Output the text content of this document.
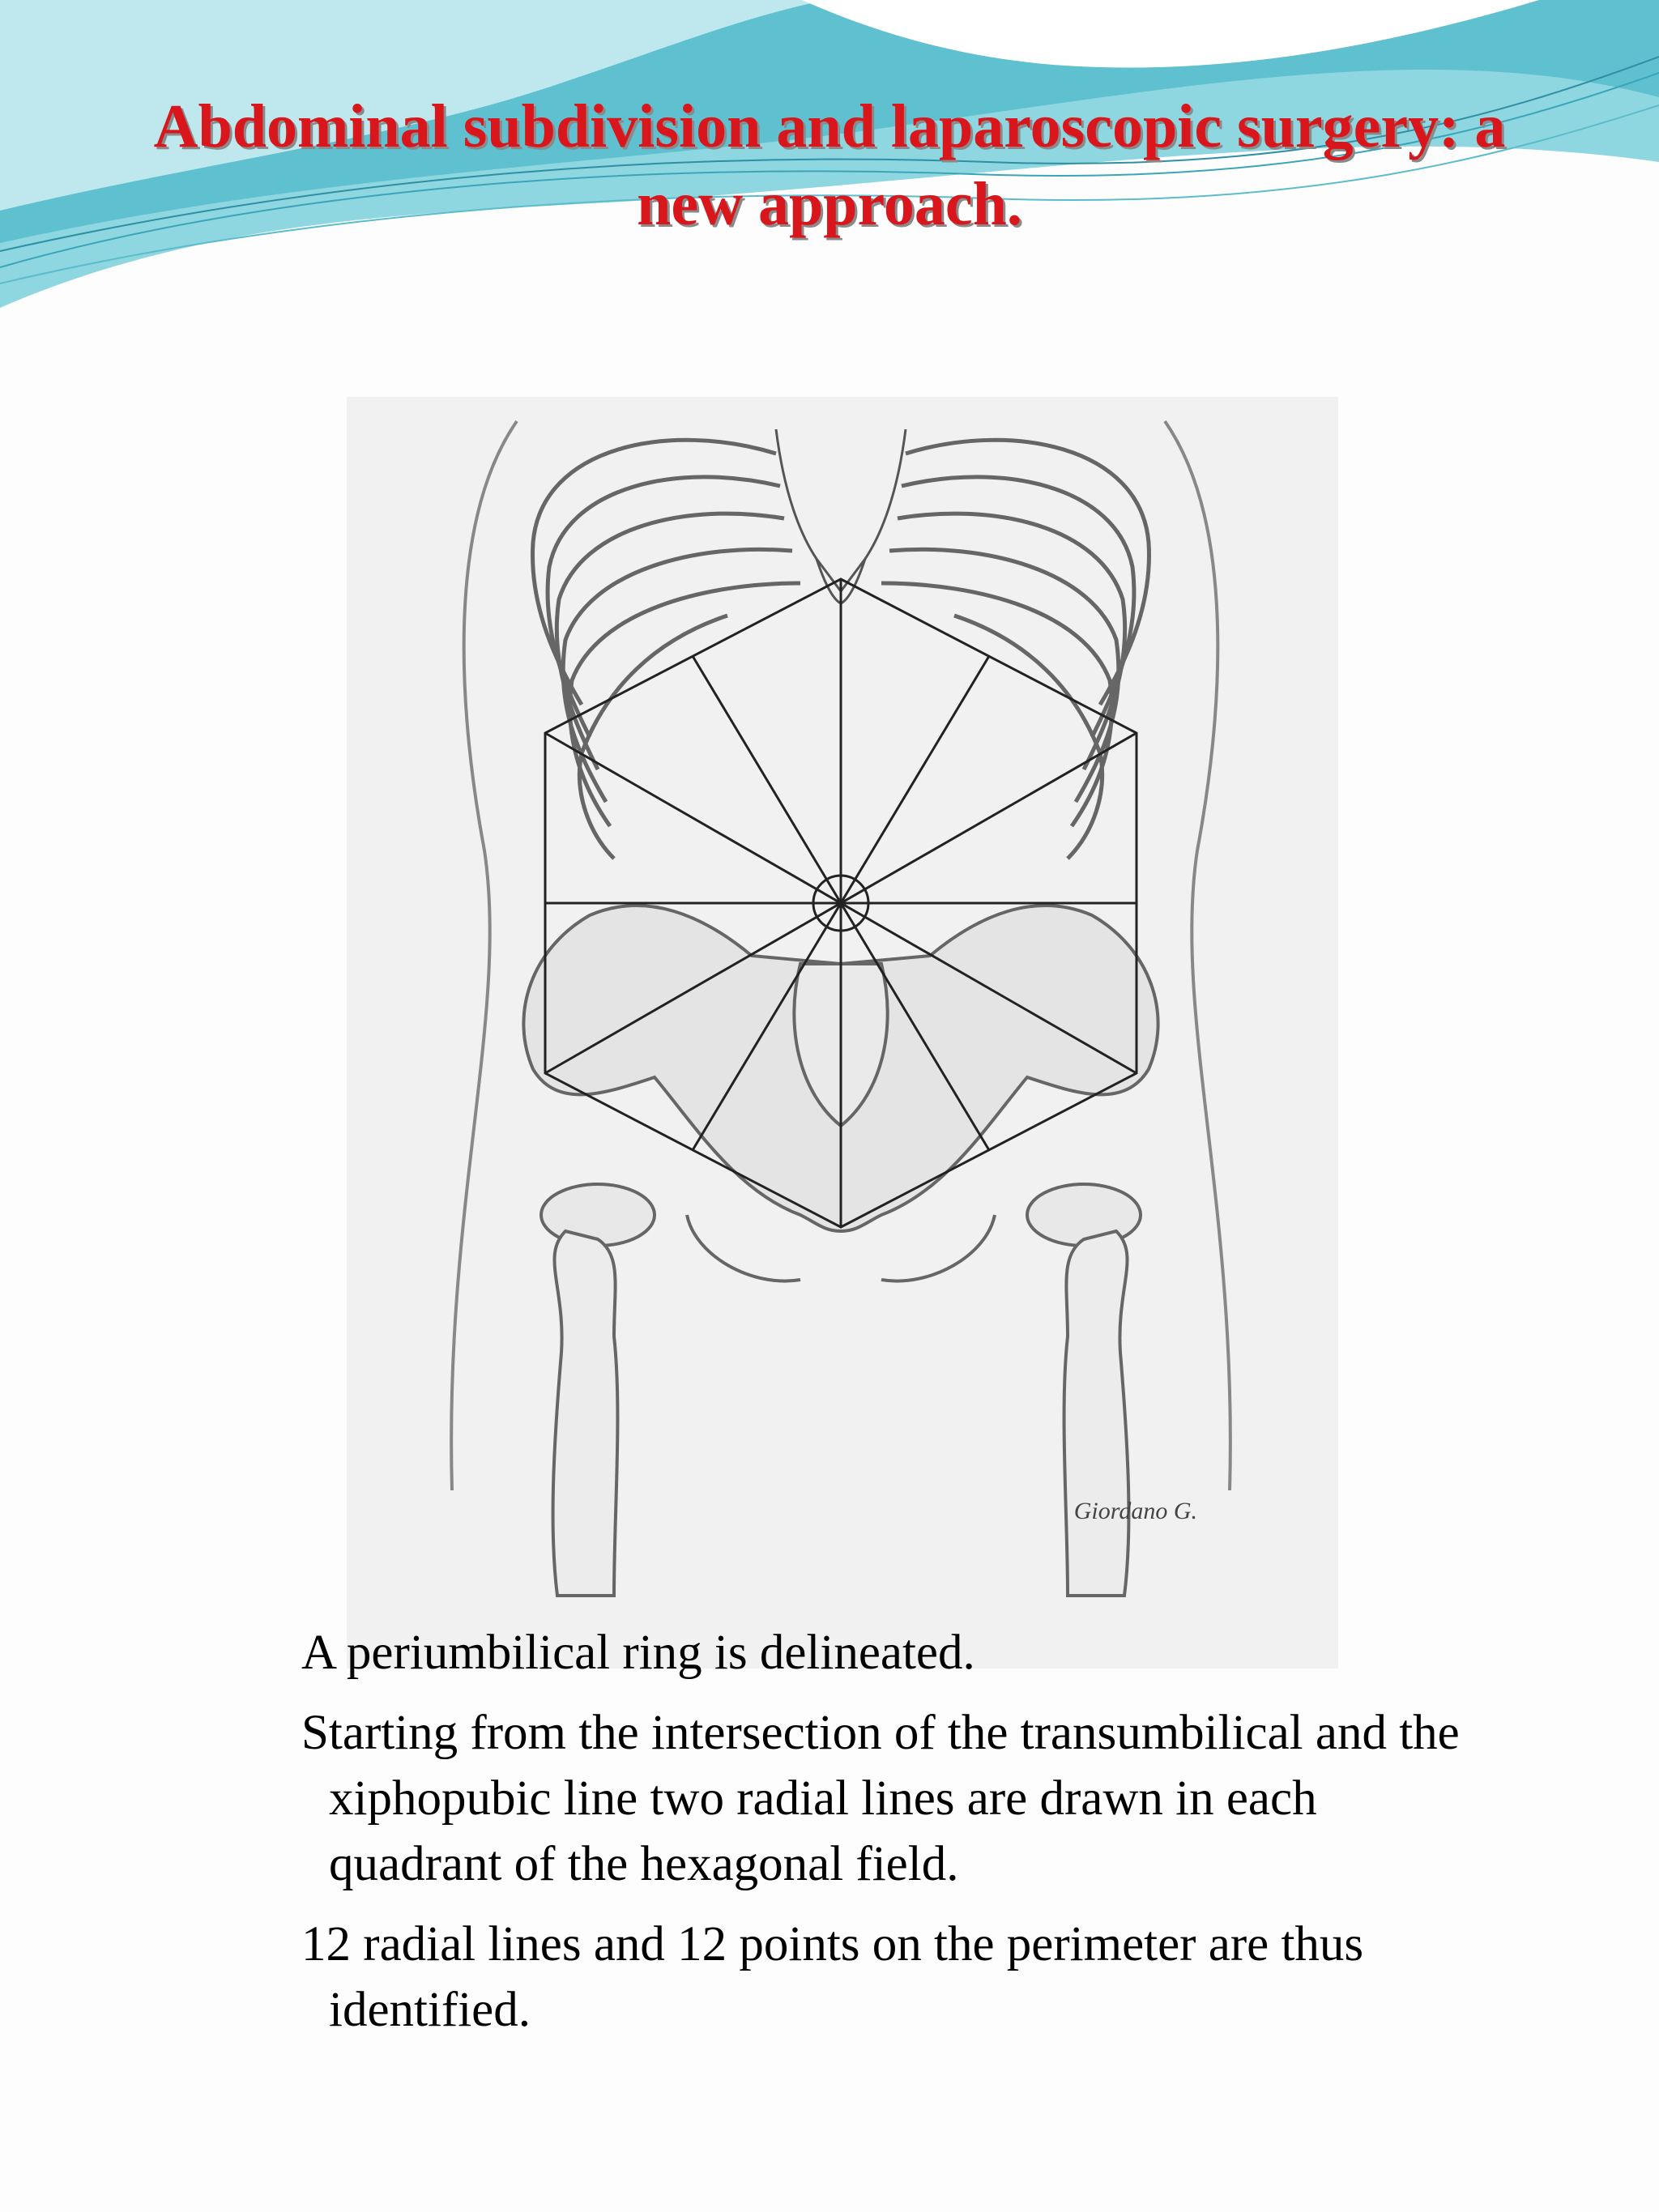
Abdominal subdivision and laparoscopic surgery: a new approach.
Giordano G.

A periumbilical ring is delineated.

Starting from the intersection of the transumbilical and the xiphopubic line two radial lines are drawn in each quadrant of the hexagonal field.

12 radial lines and 12 points on the perimeter are thus identified.
